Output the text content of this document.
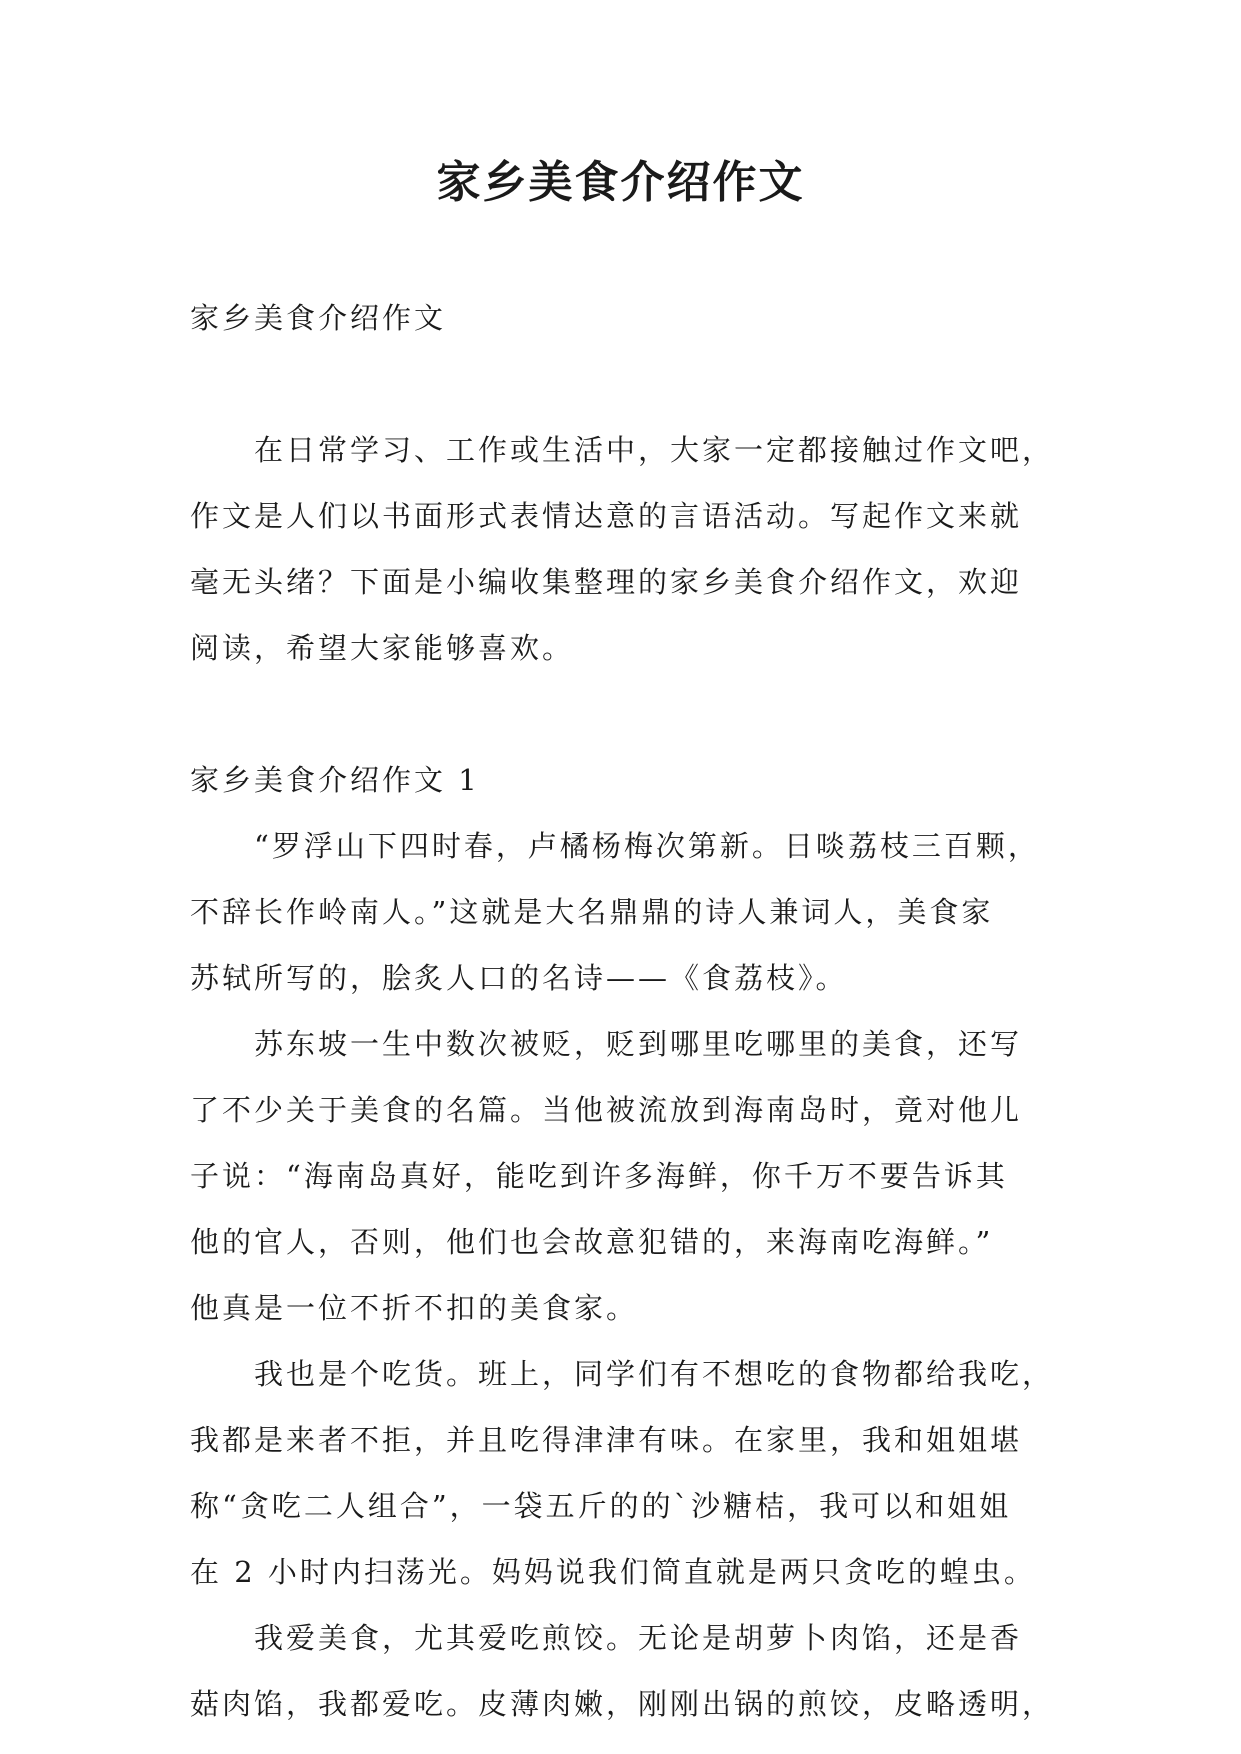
家乡美食介绍作文
家乡美食介绍作文
　　在日常学习、工作或生活中，大家一定都接触过作文吧，
作文是人们以书面形式表情达意的言语活动。写起作文来就
毫无头绪？下面是小编收集整理的家乡美食介绍作文，欢迎
阅读，希望大家能够喜欢。
家乡美食介绍作文 1
　　“罗浮山下四时春，卢橘杨梅次第新。日啖荔枝三百颗，
不辞长作岭南人。”这就是大名鼎鼎的诗人兼词人，美食家
苏轼所写的，脍炙人口的名诗——《食荔枝》。
　　苏东坡一生中数次被贬，贬到哪里吃哪里的美食，还写
了不少关于美食的名篇。当他被流放到海南岛时，竟对他儿
子说：“海南岛真好，能吃到许多海鲜，你千万不要告诉其
他的官人，否则，他们也会故意犯错的，来海南吃海鲜。”
他真是一位不折不扣的美食家。
　　我也是个吃货。班上，同学们有不想吃的食物都给我吃，
我都是来者不拒，并且吃得津津有味。在家里，我和姐姐堪
称“贪吃二人组合”，一袋五斤的的`沙糖桔，我可以和姐姐
在 2 小时内扫荡光。妈妈说我们简直就是两只贪吃的蝗虫。
　　我爱美食，尤其爱吃煎饺。无论是胡萝卜肉馅，还是香
菇肉馅，我都爱吃。皮薄肉嫩，刚刚出锅的煎饺，皮略透明，
